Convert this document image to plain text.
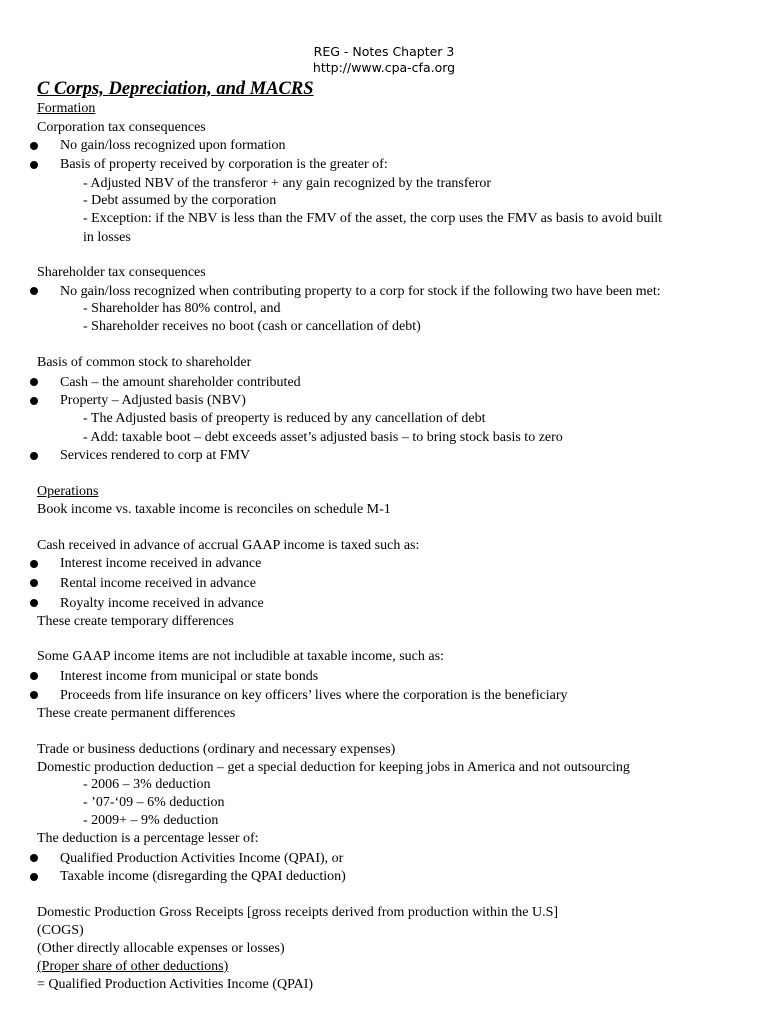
REG - Notes Chapter 3
http://www.cpa-cfa.org
C Corps, Depreciation, and MACRS
Formation
Corporation tax consequences
No gain/loss recognized upon formation
Basis of property received by corporation is the greater of:
- Adjusted NBV of the transferor + any gain recognized by the transferor
- Debt assumed by the corporation
- Exception: if the NBV is less than the FMV of the asset, the corp uses the FMV as basis to avoid built
in losses
Shareholder tax consequences
No gain/loss recognized when contributing property to a corp for stock if the following two have been met:
- Shareholder has 80% control, and
- Shareholder receives no boot (cash or cancellation of debt)
Basis of common stock to shareholder
Cash – the amount shareholder contributed
Property – Adjusted basis (NBV)
- The Adjusted basis of preoperty is reduced by any cancellation of debt
- Add: taxable boot – debt exceeds asset’s adjusted basis – to bring stock basis to zero
Services rendered to corp at FMV
Operations
Book income vs. taxable income is reconciles on schedule M-1
Cash received in advance of accrual GAAP income is taxed such as:
Interest income received in advance
Rental income received in advance
Royalty income received in advance
These create temporary differences
Some GAAP income items are not includible at taxable income, such as:
Interest income from municipal or state bonds
Proceeds from life insurance on key officers’ lives where the corporation is the beneficiary
These create permanent differences
Trade or business deductions (ordinary and necessary expenses)
Domestic production deduction – get a special deduction for keeping jobs in America and not outsourcing
- 2006 – 3% deduction
- ’07-‘09 – 6% deduction
- 2009+ – 9% deduction
The deduction is a percentage lesser of:
Qualified Production Activities Income (QPAI), or
Taxable income (disregarding the QPAI deduction)
Domestic Production Gross Receipts [gross receipts derived from production within the U.S]
(COGS)
(Other directly allocable expenses or losses)
(Proper share of other deductions)
= Qualified Production Activities Income (QPAI)
